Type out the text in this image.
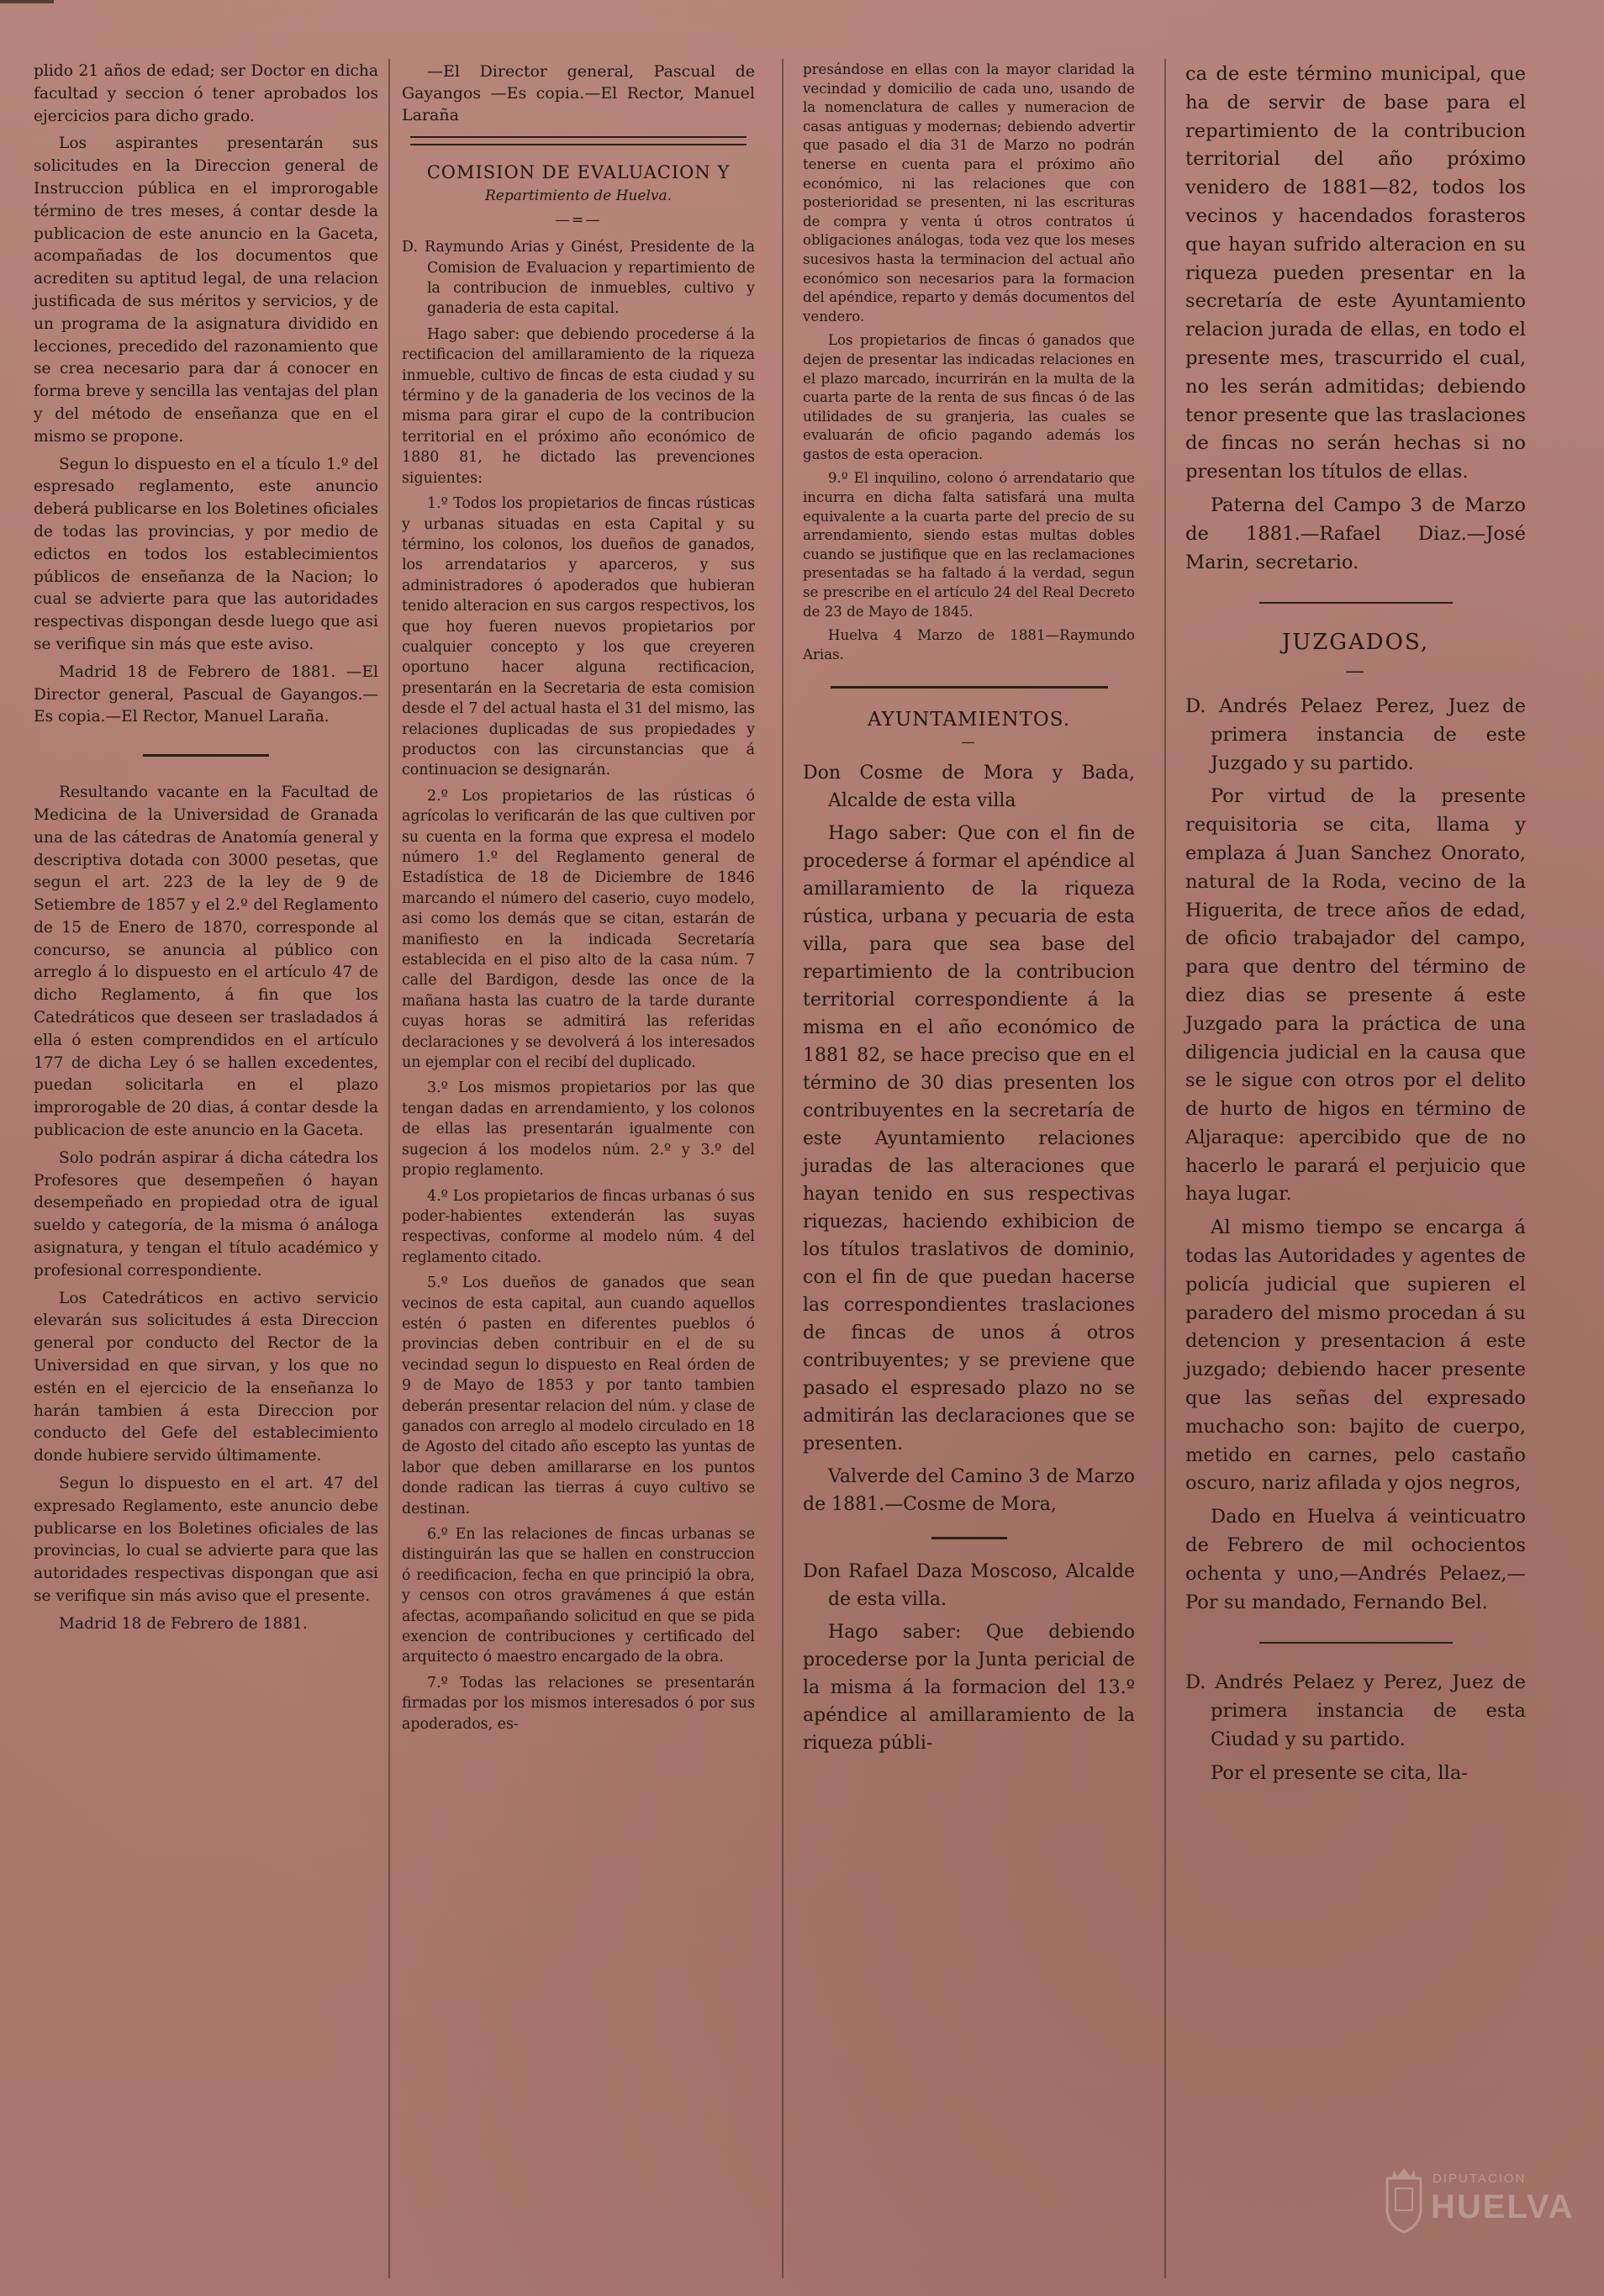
plido 21 años de edad; ser Doctor en dicha facultad y seccion ó tener aprobados los ejercicios para dicho grado.

Los aspirantes presentarán sus solicitudes en la Direccion general de Instruccion pública en el improrogable término de tres meses, á contar desde la publicacion de este anuncio en la Gaceta, acompañadas de los documentos que acrediten su aptitud legal, de una relacion justificada de sus méritos y servicios, y de un programa de la asignatura dividido en lecciones, precedido del razonamiento que se crea necesario para dar á conocer en forma breve y sencilla las ventajas del plan y del método de enseñanza que en el mismo se propone.

Segun lo dispuesto en el a tículo 1.º del espresado reglamento, este anuncio deberá publicarse en los Boletines oficiales de todas las provincias, y por medio de edictos en todos los establecimientos públicos de enseñanza de la Nacion; lo cual se advierte para que las autoridades respectivas dispongan desde luego que asi se verifique sin más que este aviso.

Madrid 18 de Febrero de 1881. —El Director general, Pascual de Gayangos.—Es copia.—El Rector, Manuel Laraña.

Resultando vacante en la Facultad de Medicina de la Universidad de Granada una de las cátedras de Anatomía general y descriptiva dotada con 3000 pesetas, que segun el art. 223 de la ley de 9 de Setiembre de 1857 y el 2.º del Reglamento de 15 de Enero de 1870, corresponde al concurso, se anuncia al público con arreglo á lo dispuesto en el artículo 47 de dicho Reglamento, á fin que los Catedráticos que deseen ser trasladados á ella ó esten comprendidos en el artículo 177 de dicha Ley ó se hallen excedentes, puedan solicitarla en el plazo improrogable de 20 dias, á contar desde la publicacion de este anuncio en la Gaceta.

Solo podrán aspirar á dicha cátedra los Profesores que desempeñen ó hayan desempeñado en propiedad otra de igual sueldo y categoría, de la misma ó análoga asignatura, y tengan el título académico y profesional correspondiente.

Los Catedráticos en activo servicio elevarán sus solicitudes á esta Direccion general por conducto del Rector de la Universidad en que sirvan, y los que no estén en el ejercicio de la enseñanza lo harán tambien á esta Direccion por conducto del Gefe del establecimiento donde hubiere servido últimamente.

Segun lo dispuesto en el art. 47 del expresado Reglamento, este anuncio debe publicarse en los Boletines oficiales de las provincias, lo cual se advierte para que las autoridades respectivas dispongan que asi se verifique sin más aviso que el presente.

Madrid 18 de Febrero de 1881.

—El Director general, Pascual de Gayangos —Es copia.—El Rector, Manuel Laraña

COMISION DE EVALUACION Y
Repartimiento de Huelva.
—=—

D. Raymundo Arias y Ginést, Presidente de la Comision de Evaluacion y repartimiento de la contribucion de inmuebles, cultivo y ganaderia de esta capital.

Hago saber: que debiendo procederse á la rectificacion del amillaramiento de la riqueza inmueble, cultivo de fincas de esta ciudad y su término y de la ganaderia de los vecinos de la misma para girar el cupo de la contribucion territorial en el próximo año económico de 1880 81, he dictado las prevenciones siguientes:

1.º Todos los propietarios de fincas rústicas y urbanas situadas en esta Capital y su término, los colonos, los dueños de ganados, los arrendatarios y aparceros, y sus administradores ó apoderados que hubieran tenido alteracion en sus cargos respectivos, los que hoy fueren nuevos propietarios por cualquier concepto y los que creyeren oportuno hacer alguna rectificacion, presentarán en la Secretaria de esta comision desde el 7 del actual hasta el 31 del mismo, las relaciones duplicadas de sus propiedades y productos con las circunstancias que á continuacion se designarán.

2.º Los propietarios de las rústicas ó agrícolas lo verificarán de las que cultiven por su cuenta en la forma que expresa el modelo número 1.º del Reglamento general de Estadística de 18 de Diciembre de 1846 marcando el número del caserio, cuyo modelo, asi como los demás que se citan, estarán de manifiesto en la indicada Secretaría establecida en el piso alto de la casa núm. 7 calle del Bardigon, desde las once de la mañana hasta las cuatro de la tarde durante cuyas horas se admitirá las referidas declaraciones y se devolverá á los interesados un ejemplar con el recibí del duplicado.

3.º Los mismos propietarios por las que tengan dadas en arrendamiento, y los colonos de ellas las presentarán igualmente con sugecion á los modelos núm. 2.º y 3.º del propio reglamento.

4.º Los propietarios de fincas urbanas ó sus poder-habientes extenderán las suyas respectivas, conforme al modelo núm. 4 del reglamento citado.

5.º Los dueños de ganados que sean vecinos de esta capital, aun cuando aquellos estén ó pasten en diferentes pueblos ó provincias deben contribuir en el de su vecindad segun lo dispuesto en Real órden de 9 de Mayo de 1853 y por tanto tambien deberán presentar relacion del núm. y clase de ganados con arreglo al modelo circulado en 18 de Agosto del citado año escepto las yuntas de labor que deben amillararse en los puntos donde radican las tierras á cuyo cultivo se destinan.

6.º En las relaciones de fincas urbanas se distinguirán las que se hallen en construccion ó reedificacion, fecha en que principió la obra, y censos con otros gravámenes á que están afectas, acompañando solicitud en que se pida exencion de contribuciones y certificado del arquitecto ó maestro encargado de la obra.

7.º Todas las relaciones se presentarán firmadas por los mismos interesados ó por sus apoderados, es-

presándose en ellas con la mayor claridad la vecindad y domicilio de cada uno, usando de la nomenclatura de calles y numeracion de casas antiguas y modernas; debiendo advertir que pasado el dia 31 de Marzo no podrán tenerse en cuenta para el próximo año económico, ni las relaciones que con posterioridad se presenten, ni las escrituras de compra y venta ú otros contratos ú obligaciones análogas, toda vez que los meses sucesivos hasta la terminacion del actual año económico son necesarios para la formacion del apéndice, reparto y demás documentos del vendero.

Los propietarios de fincas ó ganados que dejen de presentar las indicadas relaciones en el plazo marcado, incurrirán en la multa de la cuarta parte de la renta de sus fincas ó de las utilidades de su granjeria, las cuales se evaluarán de oficio pagando además los gastos de esta operacion.

9.º El inquilino, colono ó arrendatario que incurra en dicha falta satisfará una multa equivalente a la cuarta parte del precio de su arrendamiento, siendo estas multas dobles cuando se justifique que en las reclamaciones presentadas se ha faltado á la verdad, segun se prescribe en el artículo 24 del Real Decreto de 23 de Mayo de 1845.

Huelva 4 Marzo de 1881—Raymundo Arias.

AYUNTAMIENTOS.
—

Don Cosme de Mora y Bada, Alcalde de esta villa

Hago saber: Que con el fin de procederse á formar el apéndice al amillaramiento de la riqueza rústica, urbana y pecuaria de esta villa, para que sea base del repartimiento de la contribucion territorial correspondiente á la misma en el año económico de 1881 82, se hace preciso que en el término de 30 dias presenten los contribuyentes en la secretaría de este Ayuntamiento relaciones juradas de las alteraciones que hayan tenido en sus respectivas riquezas, haciendo exhibicion de los títulos traslativos de dominio, con el fin de que puedan hacerse las correspondientes traslaciones de fincas de unos á otros contribuyentes; y se previene que pasado el espresado plazo no se admitirán las declaraciones que se presenten.

Valverde del Camino 3 de Marzo de 1881.—Cosme de Mora,

Don Rafael Daza Moscoso, Alcalde de esta villa.

Hago saber: Que debiendo procederse por la Junta pericial de la misma á la formacion del 13.º apéndice al amillaramiento de la riqueza públi-

ca de este término municipal, que ha de servir de base para el repartimiento de la contribucion territorial del año próximo venidero de 1881—82, todos los vecinos y hacendados forasteros que hayan sufrido alteracion en su riqueza pueden presentar en la secretaría de este Ayuntamiento relacion jurada de ellas, en todo el presente mes, trascurrido el cual, no les serán admitidas; debiendo tenor presente que las traslaciones de fincas no serán hechas si no presentan los títulos de ellas.

Paterna del Campo 3 de Marzo de 1881.—Rafael Diaz.—José Marin, secretario.

JUZGADOS,
—

D. Andrés Pelaez Perez, Juez de primera instancia de este Juzgado y su partido.

Por virtud de la presente requisitoria se cita, llama y emplaza á Juan Sanchez Onorato, natural de la Roda, vecino de la Higuerita, de trece años de edad, de oficio trabajador del campo, para que dentro del término de diez dias se presente á este Juzgado para la práctica de una diligencia judicial en la causa que se le sigue con otros por el delito de hurto de higos en término de Aljaraque: apercibido que de no hacerlo le parará el perjuicio que haya lugar.

Al mismo tiempo se encarga á todas las Autoridades y agentes de policía judicial que supieren el paradero del mismo procedan á su detencion y presentacion á este juzgado; debiendo hacer presente que las señas del expresado muchacho son: bajito de cuerpo, metido en carnes, pelo castaño oscuro, nariz afilada y ojos negros,

Dado en Huelva á veinticuatro de Febrero de mil ochocientos ochenta y uno,—Andrés Pelaez,—Por su mandado, Fernando Bel.

D. Andrés Pelaez y Perez, Juez de primera instancia de esta Ciudad y su partido.

Por el presente se cita, lla-

DIPUTACION
HUELVA
